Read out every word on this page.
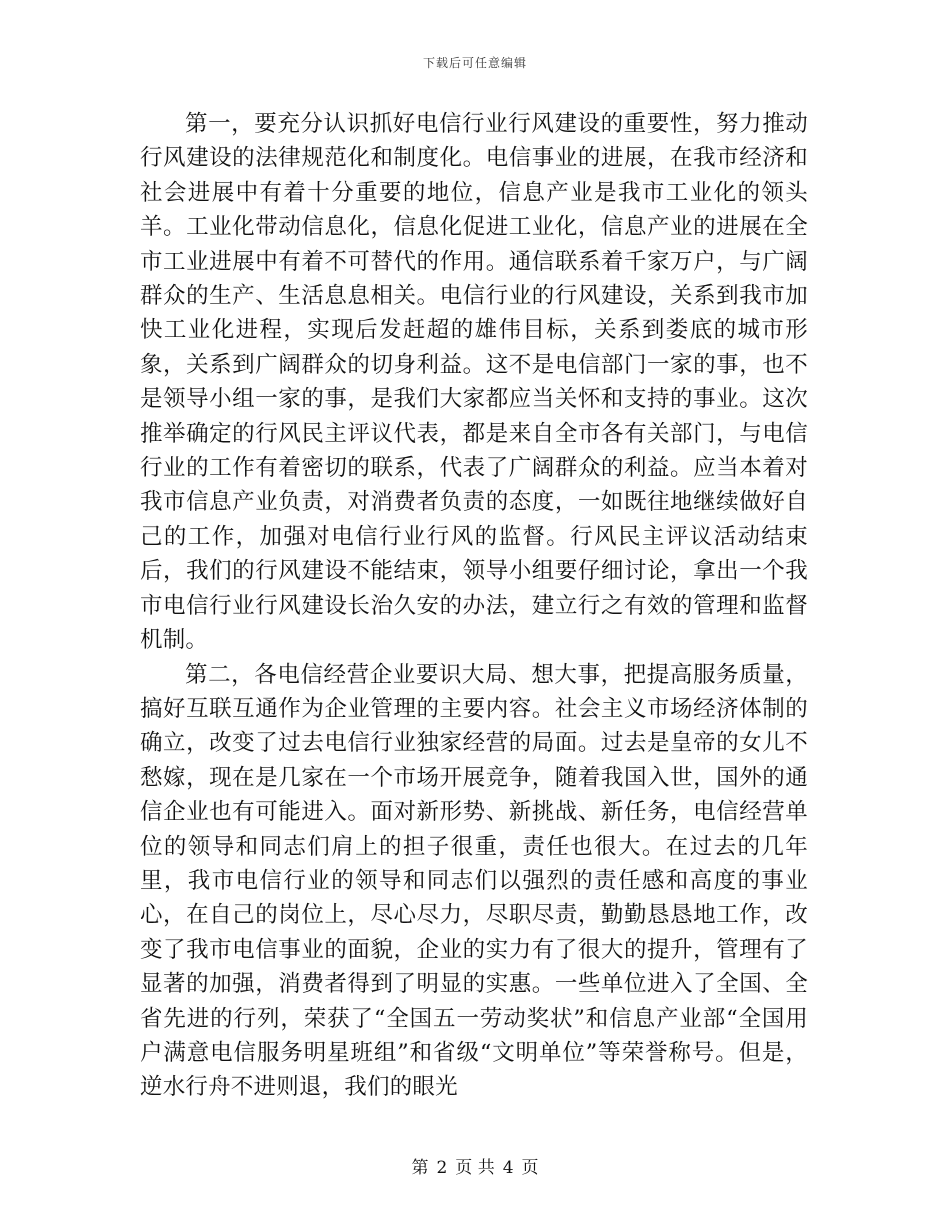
下载后可任意编辑

第一，要充分认识抓好电信行业行风建设的重要性，努力推动行风建设的法律规范化和制度化。电信事业的进展，在我市经济和社会进展中有着十分重要的地位，信息产业是我市工业化的领头羊。工业化带动信息化，信息化促进工业化，信息产业的进展在全市工业进展中有着不可替代的作用。通信联系着千家万户，与广阔群众的生产、生活息息相关。电信行业的行风建设，关系到我市加快工业化进程，实现后发赶超的雄伟目标，关系到娄底的城市形象，关系到广阔群众的切身利益。这不是电信部门一家的事，也不是领导小组一家的事，是我们大家都应当关怀和支持的事业。这次推举确定的行风民主评议代表，都是来自全市各有关部门，与电信行业的工作有着密切的联系，代表了广阔群众的利益。应当本着对我市信息产业负责，对消费者负责的态度，一如既往地继续做好自己的工作，加强对电信行业行风的监督。行风民主评议活动结束后，我们的行风建设不能结束，领导小组要仔细讨论，拿出一个我市电信行业行风建设长治久安的办法，建立行之有效的管理和监督机制。

第二，各电信经营企业要识大局、想大事，把提高服务质量，搞好互联互通作为企业管理的主要内容。社会主义市场经济体制的确立，改变了过去电信行业独家经营的局面。过去是皇帝的女儿不愁嫁，现在是几家在一个市场开展竞争，随着我国入世，国外的通信企业也有可能进入。面对新形势、新挑战、新任务，电信经营单位的领导和同志们肩上的担子很重，责任也很大。在过去的几年里，我市电信行业的领导和同志们以强烈的责任感和高度的事业心，在自己的岗位上，尽心尽力，尽职尽责，勤勤恳恳地工作，改变了我市电信事业的面貌，企业的实力有了很大的提升，管理有了显著的加强，消费者得到了明显的实惠。一些单位进入了全国、全省先进的行列，荣获了“全国五一劳动奖状”和信息产业部“全国用户满意电信服务明星班组”和省级“文明单位”等荣誉称号。但是，逆水行舟不进则退，我们的眼光

第 2 页 共 4 页
